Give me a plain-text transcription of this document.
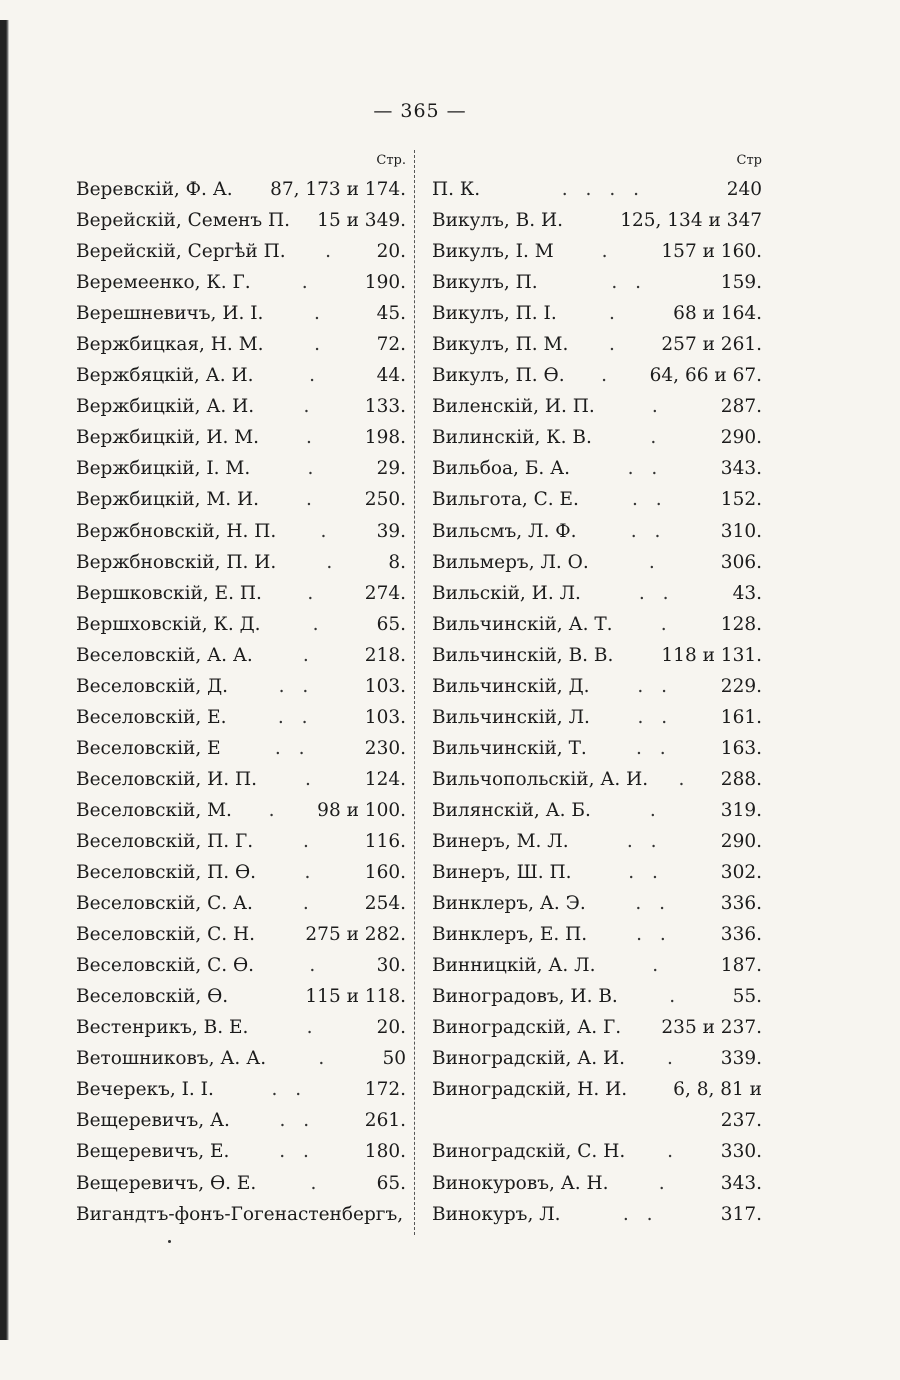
— 365 —
Стр.
Веревскій, Ф. А. 87, 173 и 174.
Верейскій, Семенъ П. 15 и 349.
Верейскій, Сергѣй П.	.	20.
Веремеенко, К. Г.	.	190.
Верешневичъ, И. I.	.	45.
Вержбицкая, Н. М.	.	72.
Вержбяцкій, А. И.	.	44.
Вержбицкій, А. И.	.	133.
Вержбицкій, И. М.	.	198.
Вержбицкій, I. М.	.	29.
Вержбицкій, М. И.	.	250.
Вержбновскій, Н. П.	.	39.
Вержбновскій, П. И.	.	8.
Вершковскій, Е. П.	.	274.
Вершховскій, К. Д.	.	65.
Веселовскій, А. А.	.	218.
Веселовскій, Д.	. .	103.
Веселовскій, Е.	. .	103.
Веселовскій, Е	. .	230.
Веселовскій, И. П.	.	124.
Веселовскій, М.	.	98 и 100.
Веселовскій, П. Г.	.	116.
Веселовскій, П. Ѳ.	.	160.
Веселовскій, С. А.	.	254.
Веселовскій, С. Н.	275 и 282.
Веселовскій, С. Ѳ.	.	30.
Веселовскій, Ѳ.	115 и 118.
Вестенрикъ, В. Е.	.	20.
Ветошниковъ, А. А.	.	50
Вечерекъ, I. I.	. .	172.
Вещеревичъ, А.	. .	261.
Вещеревичъ, Е.	. .	180.
Вещеревичъ, Ѳ. Е.	.	65.
Вигандтъ-фонъ-Гогенастенбергъ,
Стр
П. К.	. . . .	240
Викулъ, В. И.	125, 134 и 347
Викулъ, I. М	.	157 и 160.
Викулъ, П.	. .	159.
Викулъ, П. I.	.	68 и 164.
Викулъ, П. М.	.	257 и 261.
Викулъ, П. Ѳ.	.	64, 66 и 67.
Виленскій, И. П.	.	287.
Вилинскій, К. В.	.	290.
Вильбоа, Б. А.	. .	343.
Вильгота, С. Е.	. .	152.
Вильсмъ, Л. Ф.	. .	310.
Вильмеръ, Л. О.	.	306.
Вильскій, И. Л.	. .	43.
Вильчинскій, А. Т.	.	128.
Вильчинскій, В. В.	118 и 131.
Вильчинскій, Д.	. .	229.
Вильчинскій, Л.	. .	161.
Вильчинскій, Т.	. .	163.
Вильчопольскій, А. И.	.	288.
Вилянскій, А. Б.	.	319.
Винеръ, М. Л.	. .	290.
Винеръ, Ш. П.	. .	302.
Винклеръ, А. Э.	. .	336.
Винклеръ, Е. П.	. .	336.
Винницкій, А. Л.	.	187.
Виноградовъ, И. В.	.	55.
Виноградскій, А. Г. 235 и 237.
Виноградскій, А. И.	.	339.
Виноградскій, Н. И. 6, 8, 81 и
237.
Виноградскій, С. Н.	.	330.
Винокуровъ, А. Н.	.	343.
Винокуръ, Л.	. .	317.
